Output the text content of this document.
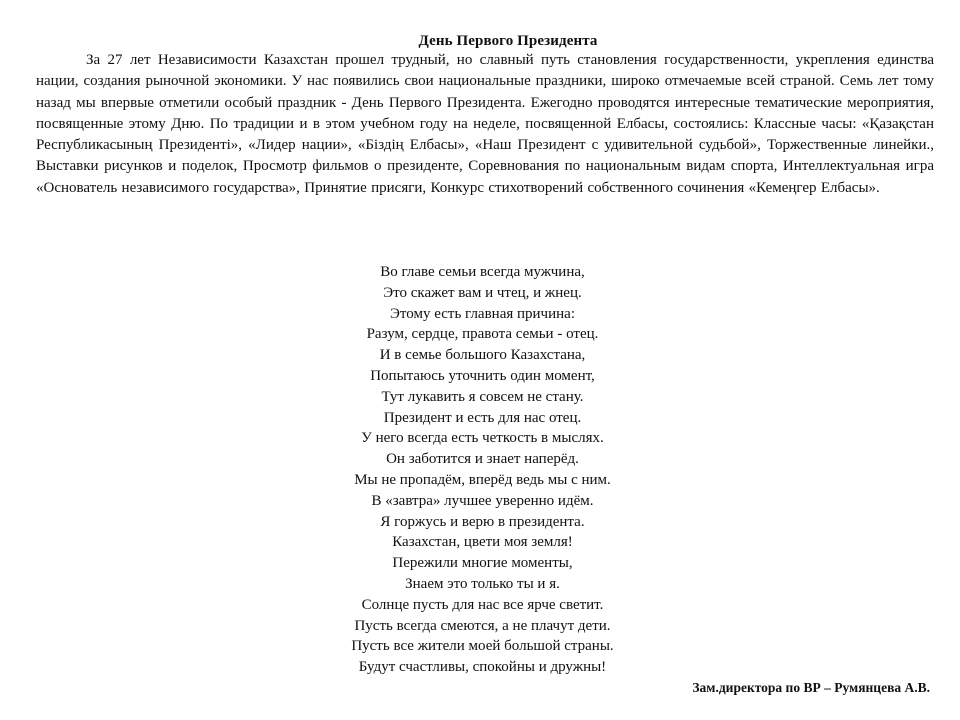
День Первого Президента

За 27 лет Независимости Казахстан прошел трудный, но славный путь становления государственности, укрепления единства нации, создания рыночной экономики. У нас появились свои национальные праздники, широко отмечаемые всей страной. Семь лет тому назад мы впервые отметили особый праздник - День Первого Президента. Ежегодно проводятся интересные тематические мероприятия, посвященные этому Дню. По традиции и в этом учебном году на неделе, посвященной Елбасы, состоялись: Классные часы: «Қазақстан Республикасының Президенті», «Лидер нации», «Біздің Елбасы», «Наш Президент с удивительной судьбой», Торжественные линейки., Выставки рисунков и поделок, Просмотр фильмов о президенте, Соревнования по национальным видам спорта, Интеллектуальная игра «Основатель независимого государства», Принятие присяги, Конкурс стихотворений собственного сочинения «Кемеңгер Елбасы».

Во главе семьи всегда мужчина,
Это скажет вам и чтец, и жнец.
Этому есть главная причина:
Разум, сердце, правота семьи - отец.
И в семье большого Казахстана,
Попытаюсь уточнить один момент,
Тут лукавить я совсем не стану.
Президент и есть для нас отец.
У него всегда есть четкость в мыслях.
Он заботится и знает наперёд.
Мы не пропадём, вперёд ведь мы с ним.
В «завтра» лучшее уверенно идём.
Я горжусь и верю в президента.
Казахстан, цвети моя земля!
Пережили многие моменты,
Знаем это только ты и я.
Солнце пусть для нас все ярче светит.
Пусть всегда смеются, а не плачут дети.
Пусть все жители моей большой страны.
Будут счастливы, спокойны и дружны!
Зам.директора по ВР – Румянцева А.В.
